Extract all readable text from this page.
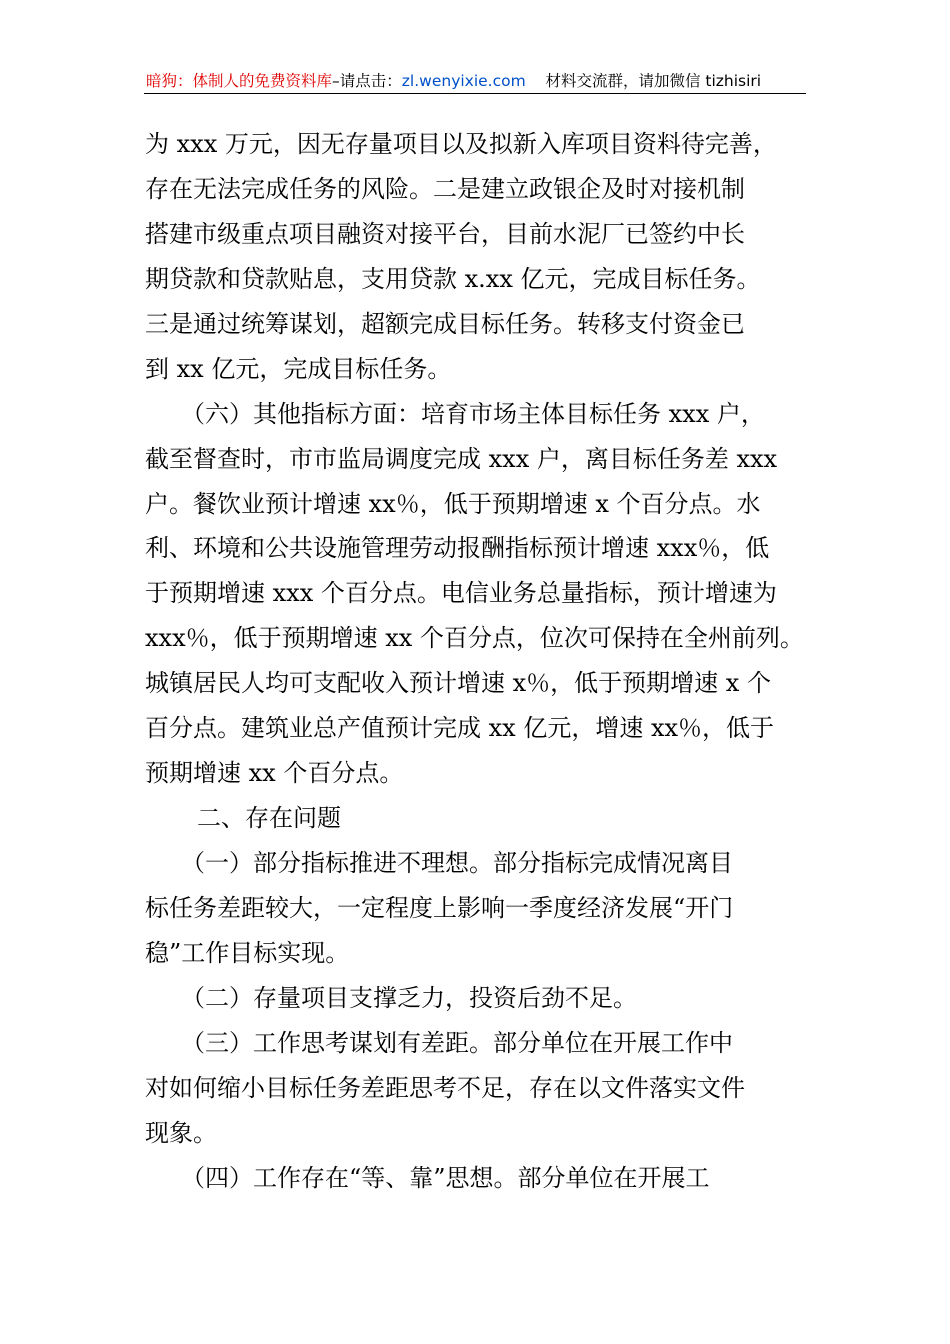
暗狗：体制人的免费资料库–请点击：zl.wenyixie.com 材料交流群，请加微信 tizhisiri
为 xxx 万元，因无存量项目以及拟新入库项目资料待完善，
存在无法完成任务的风险。二是建立政银企及时对接机制
搭建市级重点项目融资对接平台，目前水泥厂已签约中长
期贷款和贷款贴息，支用贷款 x.xx 亿元，完成目标任务。
三是通过统筹谋划，超额完成目标任务。转移支付资金已
到 xx 亿元，完成目标任务。
　　（六）其他指标方面：培育市场主体目标任务 xxx 户，
截至督查时，市市监局调度完成 xxx 户，离目标任务差 xxx
户。餐饮业预计增速 xx％，低于预期增速 x 个百分点。水
利、环境和公共设施管理劳动报酬指标预计增速 xxx％，低
于预期增速 xxx 个百分点。电信业务总量指标，预计增速为
xxx％，低于预期增速 xx 个百分点，位次可保持在全州前列。
城镇居民人均可支配收入预计增速 x％，低于预期增速 x 个
百分点。建筑业总产值预计完成 xx 亿元，增速 xx％，低于
预期增速 xx 个百分点。
二、存在问题
　　（一）部分指标推进不理想。部分指标完成情况离目
标任务差距较大，一定程度上影响一季度经济发展“开门
稳”工作目标实现。
　　（二）存量项目支撑乏力，投资后劲不足。
　　（三）工作思考谋划有差距。部分单位在开展工作中
对如何缩小目标任务差距思考不足，存在以文件落实文件
现象。
　　（四）工作存在“等、靠”思想。部分单位在开展工
